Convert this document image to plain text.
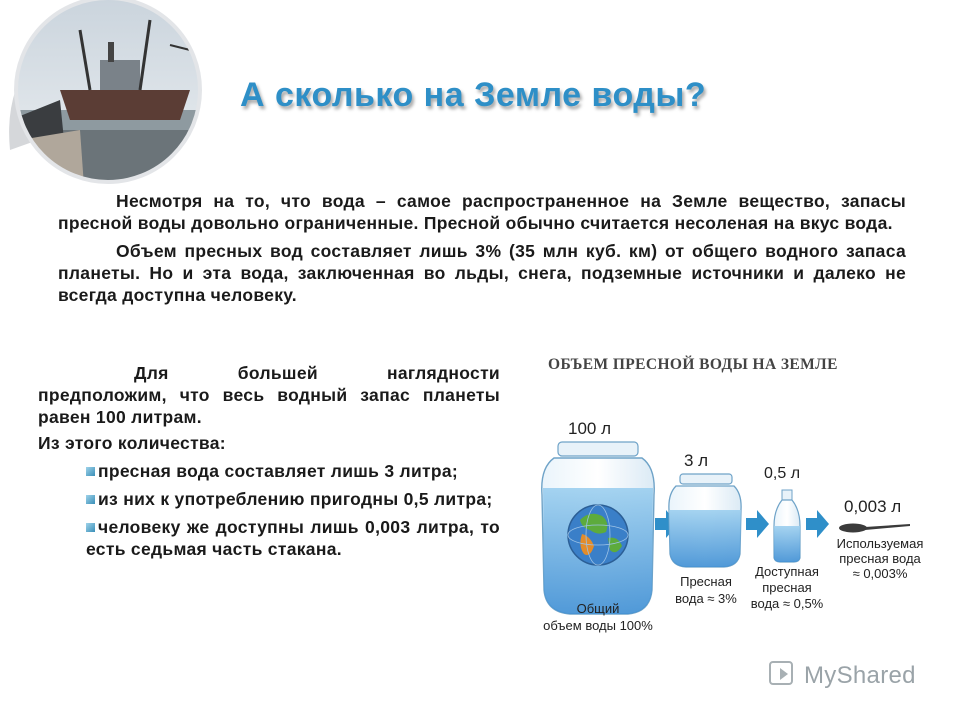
А сколько на Земле воды?

Несмотря на то, что вода – самое распространенное на Земле вещество, запасы пресной воды довольно ограниченные. Пресной обычно считается несоленая на вкус вода.

Объем пресных вод составляет лишь 3% (35 млн куб. км) от общего водного запаса планеты. Но и эта вода, заключенная во льды, снега, подземные источники и далеко не всегда доступна человеку.

Для большей наглядности предположим, что весь водный запас планеты равен 100 литрам.

Из этого количества:

пресная вода составляет лишь 3 литра;
из них к употреблению пригодны 0,5 литра;
человеку же доступны лишь 0,003 литра, то есть седьмая часть стакана.
ОБЪЕМ ПРЕСНОЙ ВОДЫ НА ЗЕМЛЕ
100 л
3 л
0,5 л
0,003 л
Общий
объем воды 100%
Пресная
вода ≈ 3%
Доступная
пресная
вода ≈ 0,5%
Используемая
пресная вода
≈ 0,003%
MyShared
